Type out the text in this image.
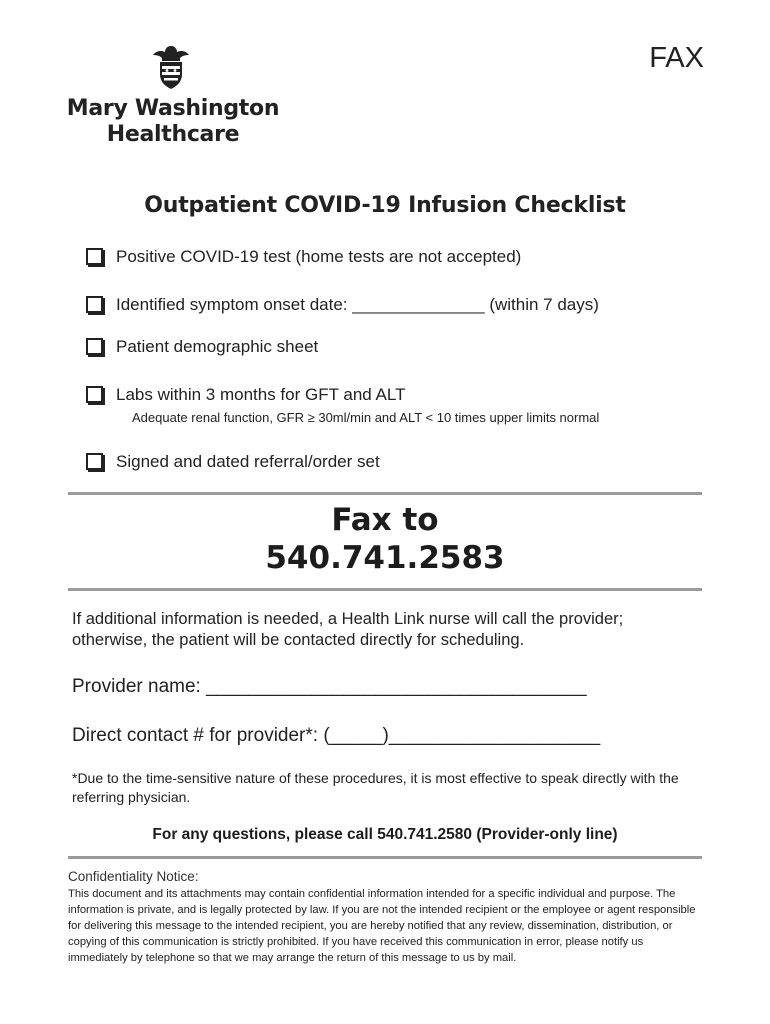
Mary Washington
Healthcare
FAX
Outpatient COVID-19 Infusion Checklist
Positive COVID-19 test (home tests are not accepted)
Identified symptom onset date: ______________ (within 7 days)
Patient demographic sheet
Labs within 3 months for GFT and ALT
Adequate renal function, GFR ≥ 30ml/min and ALT < 10 times upper limits normal
Signed and dated referral/order set
Fax to
540.741.2583
If additional information is needed, a Health Link nurse will call the provider; otherwise, the patient will be contacted directly for scheduling.
Provider name: ____________________________________
Direct contact # for provider*: (_____)____________________
*Due to the time-sensitive nature of these procedures, it is most effective to speak directly with the referring physician.
For any questions, please call 540.741.2580 (Provider-only line)
Confidentiality Notice:
This document and its attachments may contain confidential information intended for a specific individual and purpose. The information is private, and is legally protected by law. If you are not the intended recipient or the employee or agent responsible for delivering this message to the intended recipient, you are hereby notified that any review, dissemination, distribution, or copying of this communication is strictly prohibited. If you have received this communication in error, please notify us immediately by telephone so that we may arrange the return of this message to us by mail.
